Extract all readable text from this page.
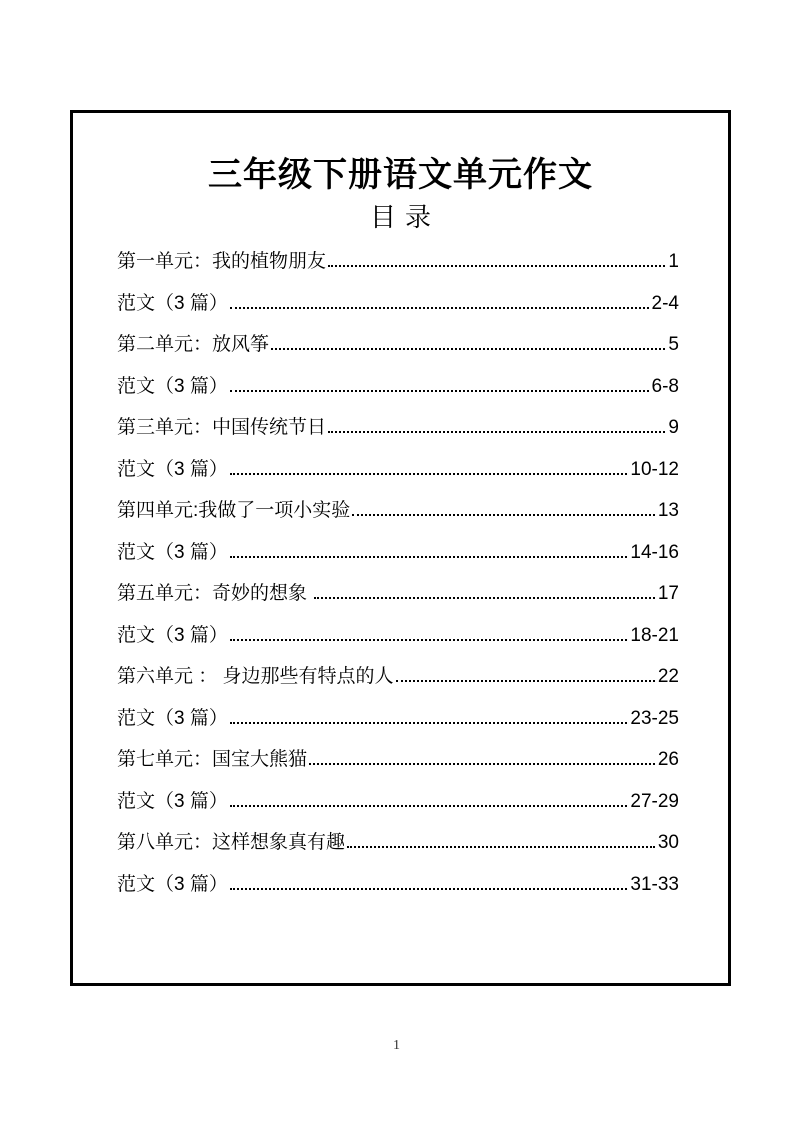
三年级下册语文单元作文
目录
第一单元：我的植物朋友	1
范文（3 篇）	2-4
第二单元：放风筝	5
范文（3 篇）	6-8
第三单元：中国传统节日	9
范文（3 篇）	10-12
第四单元:我做了一项小实验	13
范文（3 篇）	14-16
第五单元：奇妙的想象	17
范文（3 篇）	18-21
第六单元 ： 身边那些有特点的人	22
范文（3 篇）	23-25
第七单元：国宝大熊猫	26
范文（3 篇）	27-29
第八单元：这样想象真有趣	30
范文（3 篇）	31-33
1
